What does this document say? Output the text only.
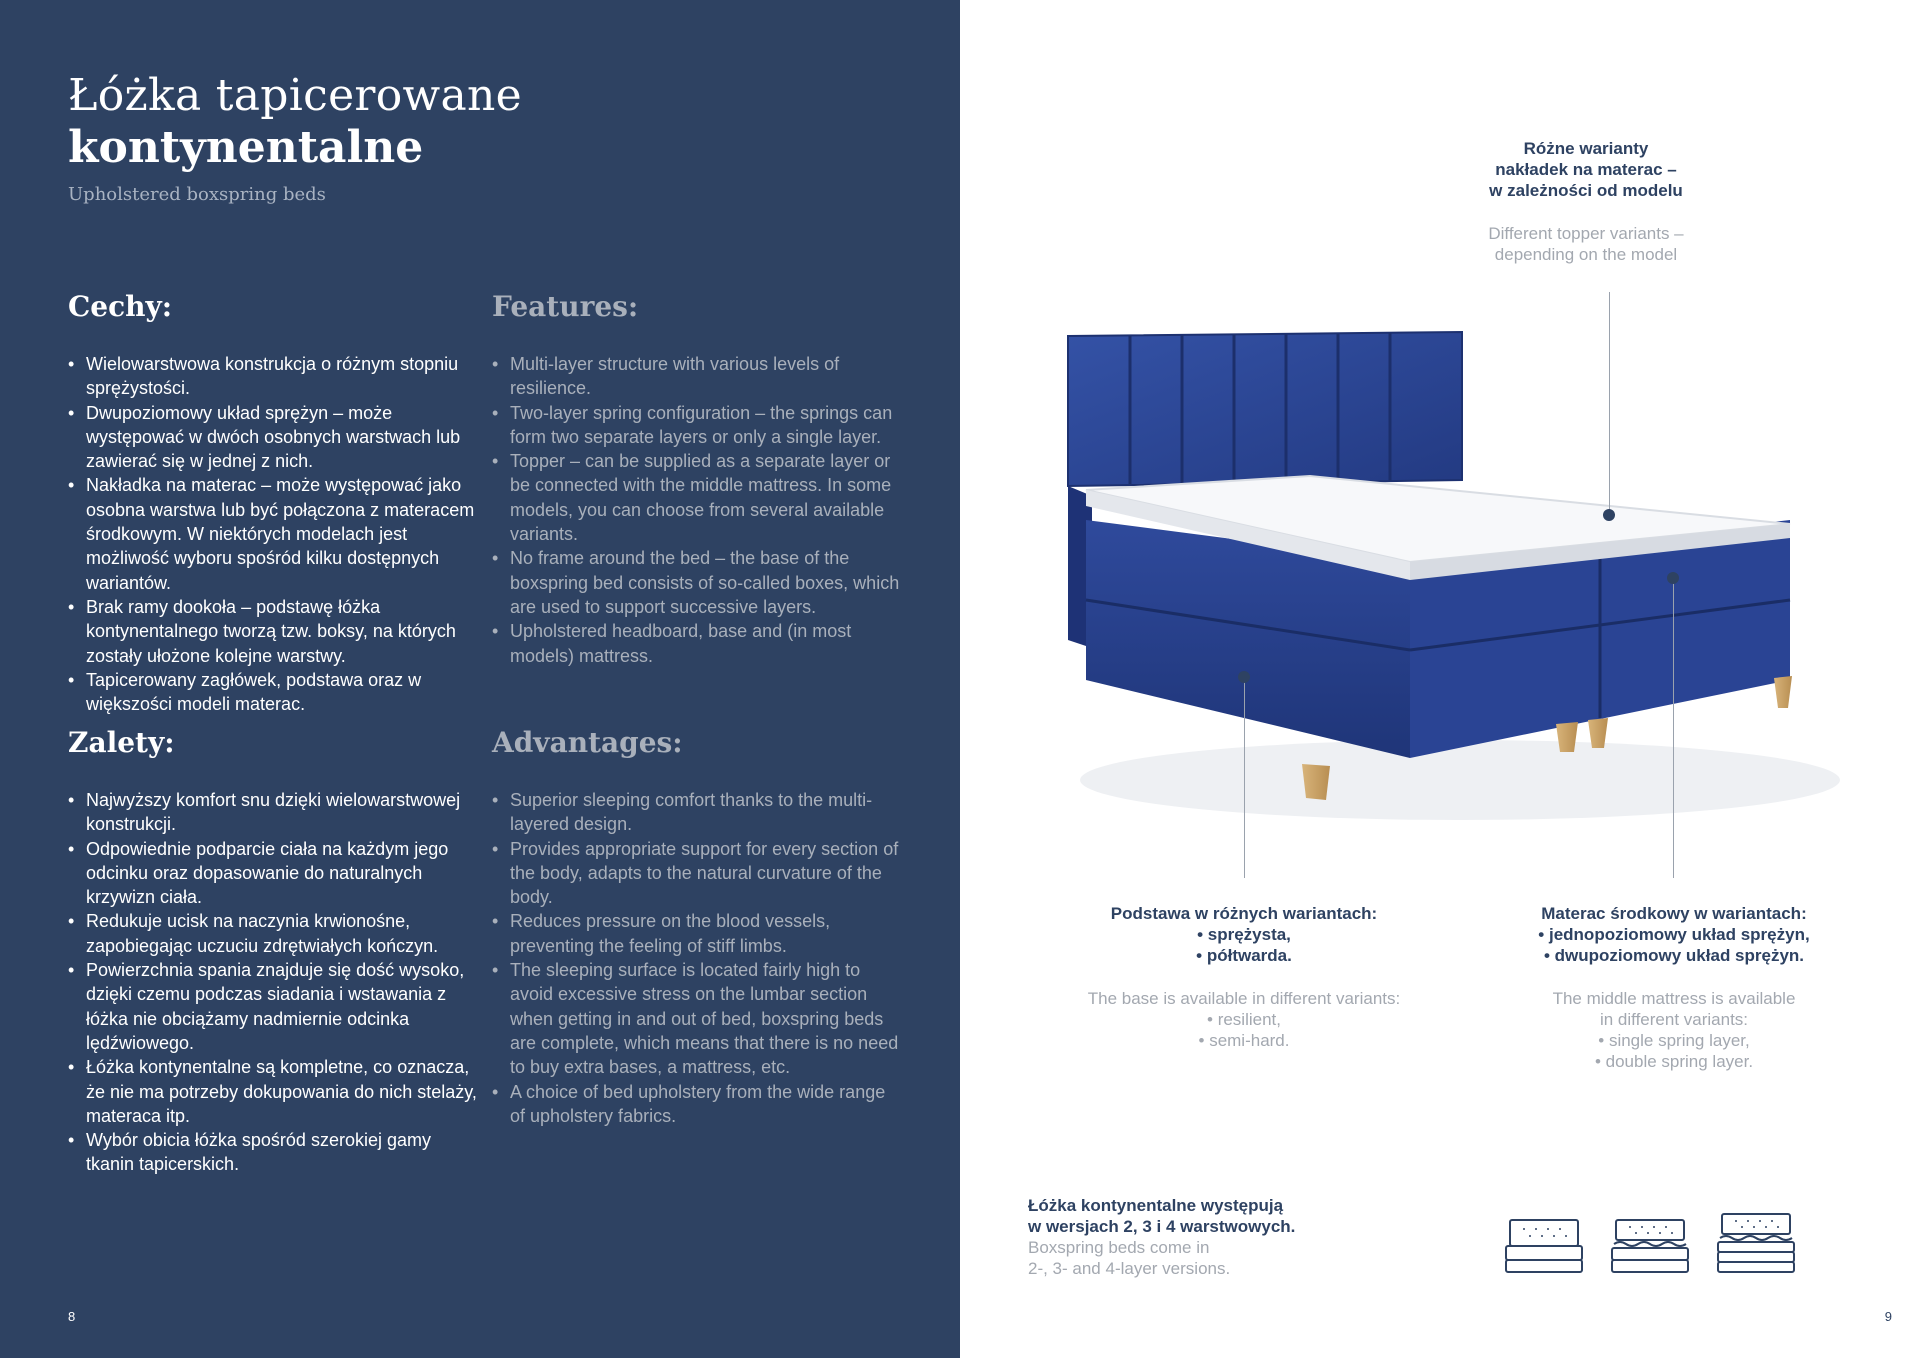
Łóżka tapicerowane
kontynentalne
Upholstered boxspring beds
Cechy:
• Wielowarstwowa konstrukcja o różnym stopniu sprężystości.
• Dwupoziomowy układ sprężyn – może występować w dwóch osobnych warstwach lub zawierać się w jednej z nich.
• Nakładka na materac – może występować jako osobna warstwa lub być połączona z materacem środkowym. W niektórych modelach jest możliwość wyboru spośród kilku dostępnych wariantów.
• Brak ramy dookoła – podstawę łóżka kontynentalnego tworzą tzw. boksy, na których zostały ułożone kolejne warstwy.
• Tapicerowany zagłówek, podstawa oraz w większości modeli materac.
Features:
• Multi-layer structure with various levels of resilience.
• Two-layer spring configuration – the springs can form two separate layers or only a single layer.
• Topper – can be supplied as a separate layer or be connected with the middle mattress. In some models, you can choose from several available variants.
• No frame around the bed – the base of the boxspring bed consists of so-called boxes, which are used to support successive layers.
• Upholstered headboard, base and (in most models) mattress.
Zalety:
• Najwyższy komfort snu dzięki wielowarstwowej konstrukcji.
• Odpowiednie podparcie ciała na każdym jego odcinku oraz dopasowanie do naturalnych krzywizn ciała.
• Redukuje ucisk na naczynia krwionośne, zapobiegając uczuciu zdrętwiałych kończyn.
• Powierzchnia spania znajduje się dość wysoko, dzięki czemu podczas siadania i wstawania z łóżka nie obciążamy nadmiernie odcinka lędźwiowego.
• Łóżka kontynentalne są kompletne, co oznacza, że nie ma potrzeby dokupowania do nich stelaży, materaca itp.
• Wybór obicia łóżka spośród szerokiej gamy tkanin tapicerskich.
Advantages:
• Superior sleeping comfort thanks to the multi-layered design.
• Provides appropriate support for every section of the body, adapts to the natural curvature of the body.
• Reduces pressure on the blood vessels, preventing the feeling of stiff limbs.
• The sleeping surface is located fairly high to avoid excessive stress on the lumbar section when getting in and out of bed, boxspring beds are complete, which means that there is no need to buy extra bases, a mattress, etc.
• A choice of bed upholstery from the wide range of upholstery fabrics.
8
Różne warianty
nakładek na materac –
w zależności od modelu
Different topper variants –
depending on the model
Podstawa w różnych wariantach:
• sprężysta,
• półtwarda.
The base is available in different variants:
• resilient,
• semi-hard.
Materac środkowy w wariantach:
• jednopoziomowy układ sprężyn,
• dwupoziomowy układ sprężyn.
The middle mattress is available
in different variants:
• single spring layer,
• double spring layer.
Łóżka kontynentalne występują
w wersjach 2, 3 i 4 warstwowych.
Boxspring beds come in
2-, 3- and 4-layer versions.
9
